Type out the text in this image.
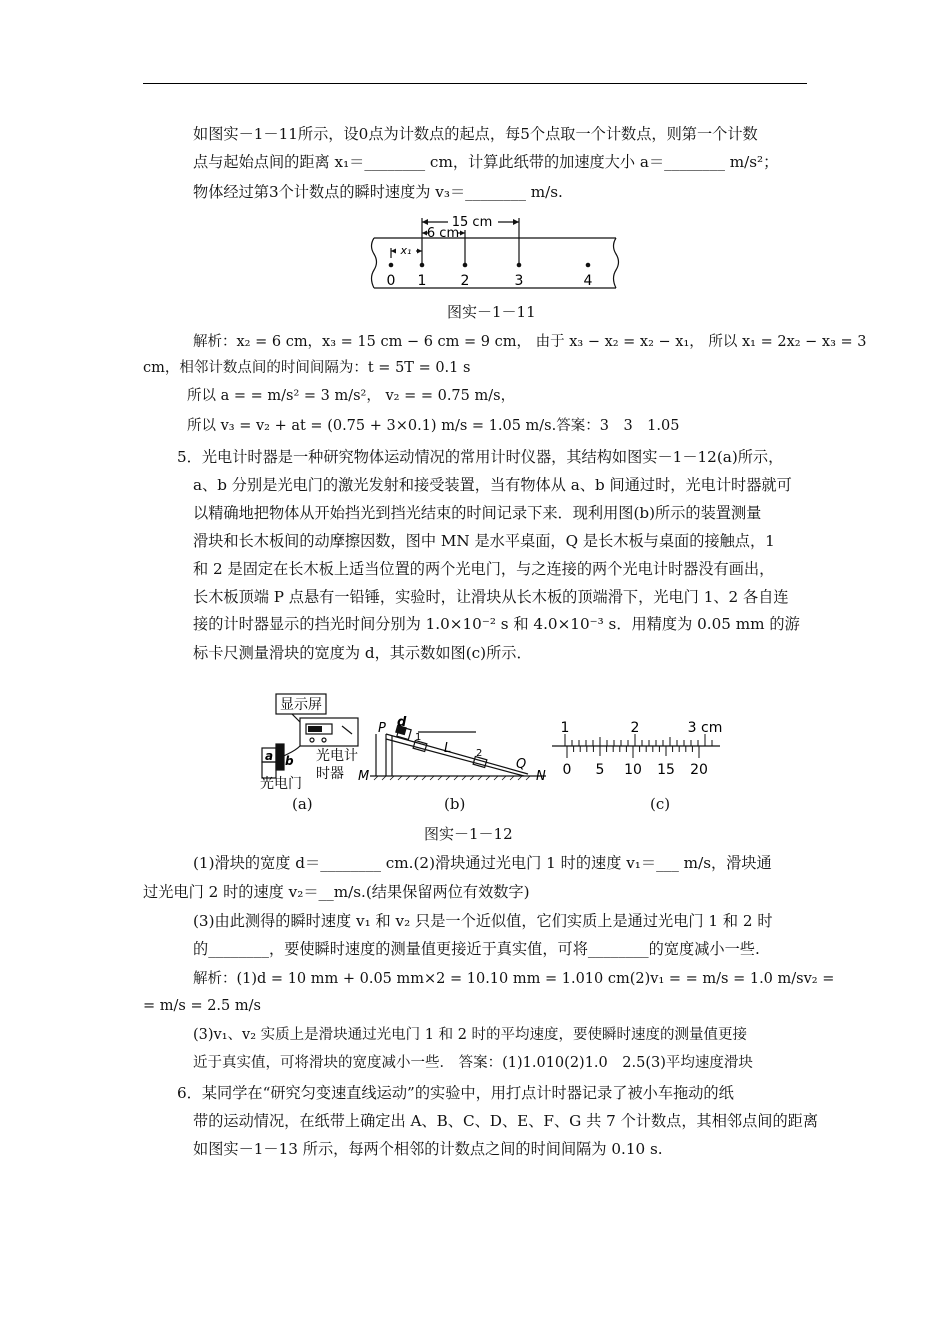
如图实－1－11所示，设0点为计数点的起点，每5个点取一个计数点，则第一个计数
点与起始点间的距离 x₁＝________ cm，计算此纸带的加速度大小 a＝________ m/s²；
物体经过第3个计数点的瞬时速度为 v₃＝________ m/s.
15 cm
6 cm
x₁
0 1 2	3	4
图实－1－11
解析：x₂ = 6 cm，x₃ = 15 cm − 6 cm = 9 cm， 由于 x₃ − x₂ = x₂ − x₁， 所以 x₁ = 2x₂ − x₃ = 3
cm，相邻计数点间的时间间隔为：t = 5T = 0.1 s
所以 a = = m/s² = 3 m/s²， v₂ = = 0.75 m/s，
所以 v₃ = v₂ + at = (0.75 + 3×0.1) m/s = 1.05 m/s.答案：3　3　1.05
5．光电计时器是一种研究物体运动情况的常用计时仪器，其结构如图实－1－12(a)所示，
a、b 分别是光电门的激光发射和接受装置，当有物体从 a、b 间通过时，光电计时器就可
以精确地把物体从开始挡光到挡光结束的时间记录下来．现利用图(b)所示的装置测量
滑块和长木板间的动摩擦因数，图中 MN 是水平桌面，Q 是长木板与桌面的接触点，1
和 2 是固定在长木板上适当位置的两个光电门，与之连接的两个光电计时器没有画出，
长木板顶端 P 点悬有一铅锤，实验时，让滑块从长木板的顶端滑下，光电门 1、2 各自连
接的计时器显示的挡光时间分别为 1.0×10⁻² s 和 4.0×10⁻³ s．用精度为 0.05 mm 的游
标卡尺测量滑块的宽度为 d，其示数如图(c)所示．
显示屏
光电计
时器
a b
光电门
P d
1
2
L
Q
M	N
1	2	3 cm
0 5 10 15 20
(a)	(b)	(c)
图实－1－12
(1)滑块的宽度 d＝________ cm.(2)滑块通过光电门 1 时的速度 v₁＝___ m/s，滑块通
过光电门 2 时的速度 v₂＝__m/s.(结果保留两位有效数字)
(3)由此测得的瞬时速度 v₁ 和 v₂ 只是一个近似值，它们实质上是通过光电门 1 和 2 时
的________，要使瞬时速度的测量值更接近于真实值，可将________的宽度减小一些.
解析：(1)d = 10 mm + 0.05 mm×2 = 10.10 mm = 1.010 cm(2)v₁ = = m/s = 1.0 m/sv₂ =
= m/s = 2.5 m/s
(3)v₁、v₂ 实质上是滑块通过光电门 1 和 2 时的平均速度，要使瞬时速度的测量值更接
近于真实值，可将滑块的宽度减小一些． 答案：(1)1.010(2)1.0　2.5(3)平均速度滑块
6．某同学在“研究匀变速直线运动”的实验中，用打点计时器记录了被小车拖动的纸
带的运动情况，在纸带上确定出 A、B、C、D、E、F、G 共 7 个计数点，其相邻点间的距离
如图实－1－13 所示，每两个相邻的计数点之间的时间间隔为 0.10 s.
